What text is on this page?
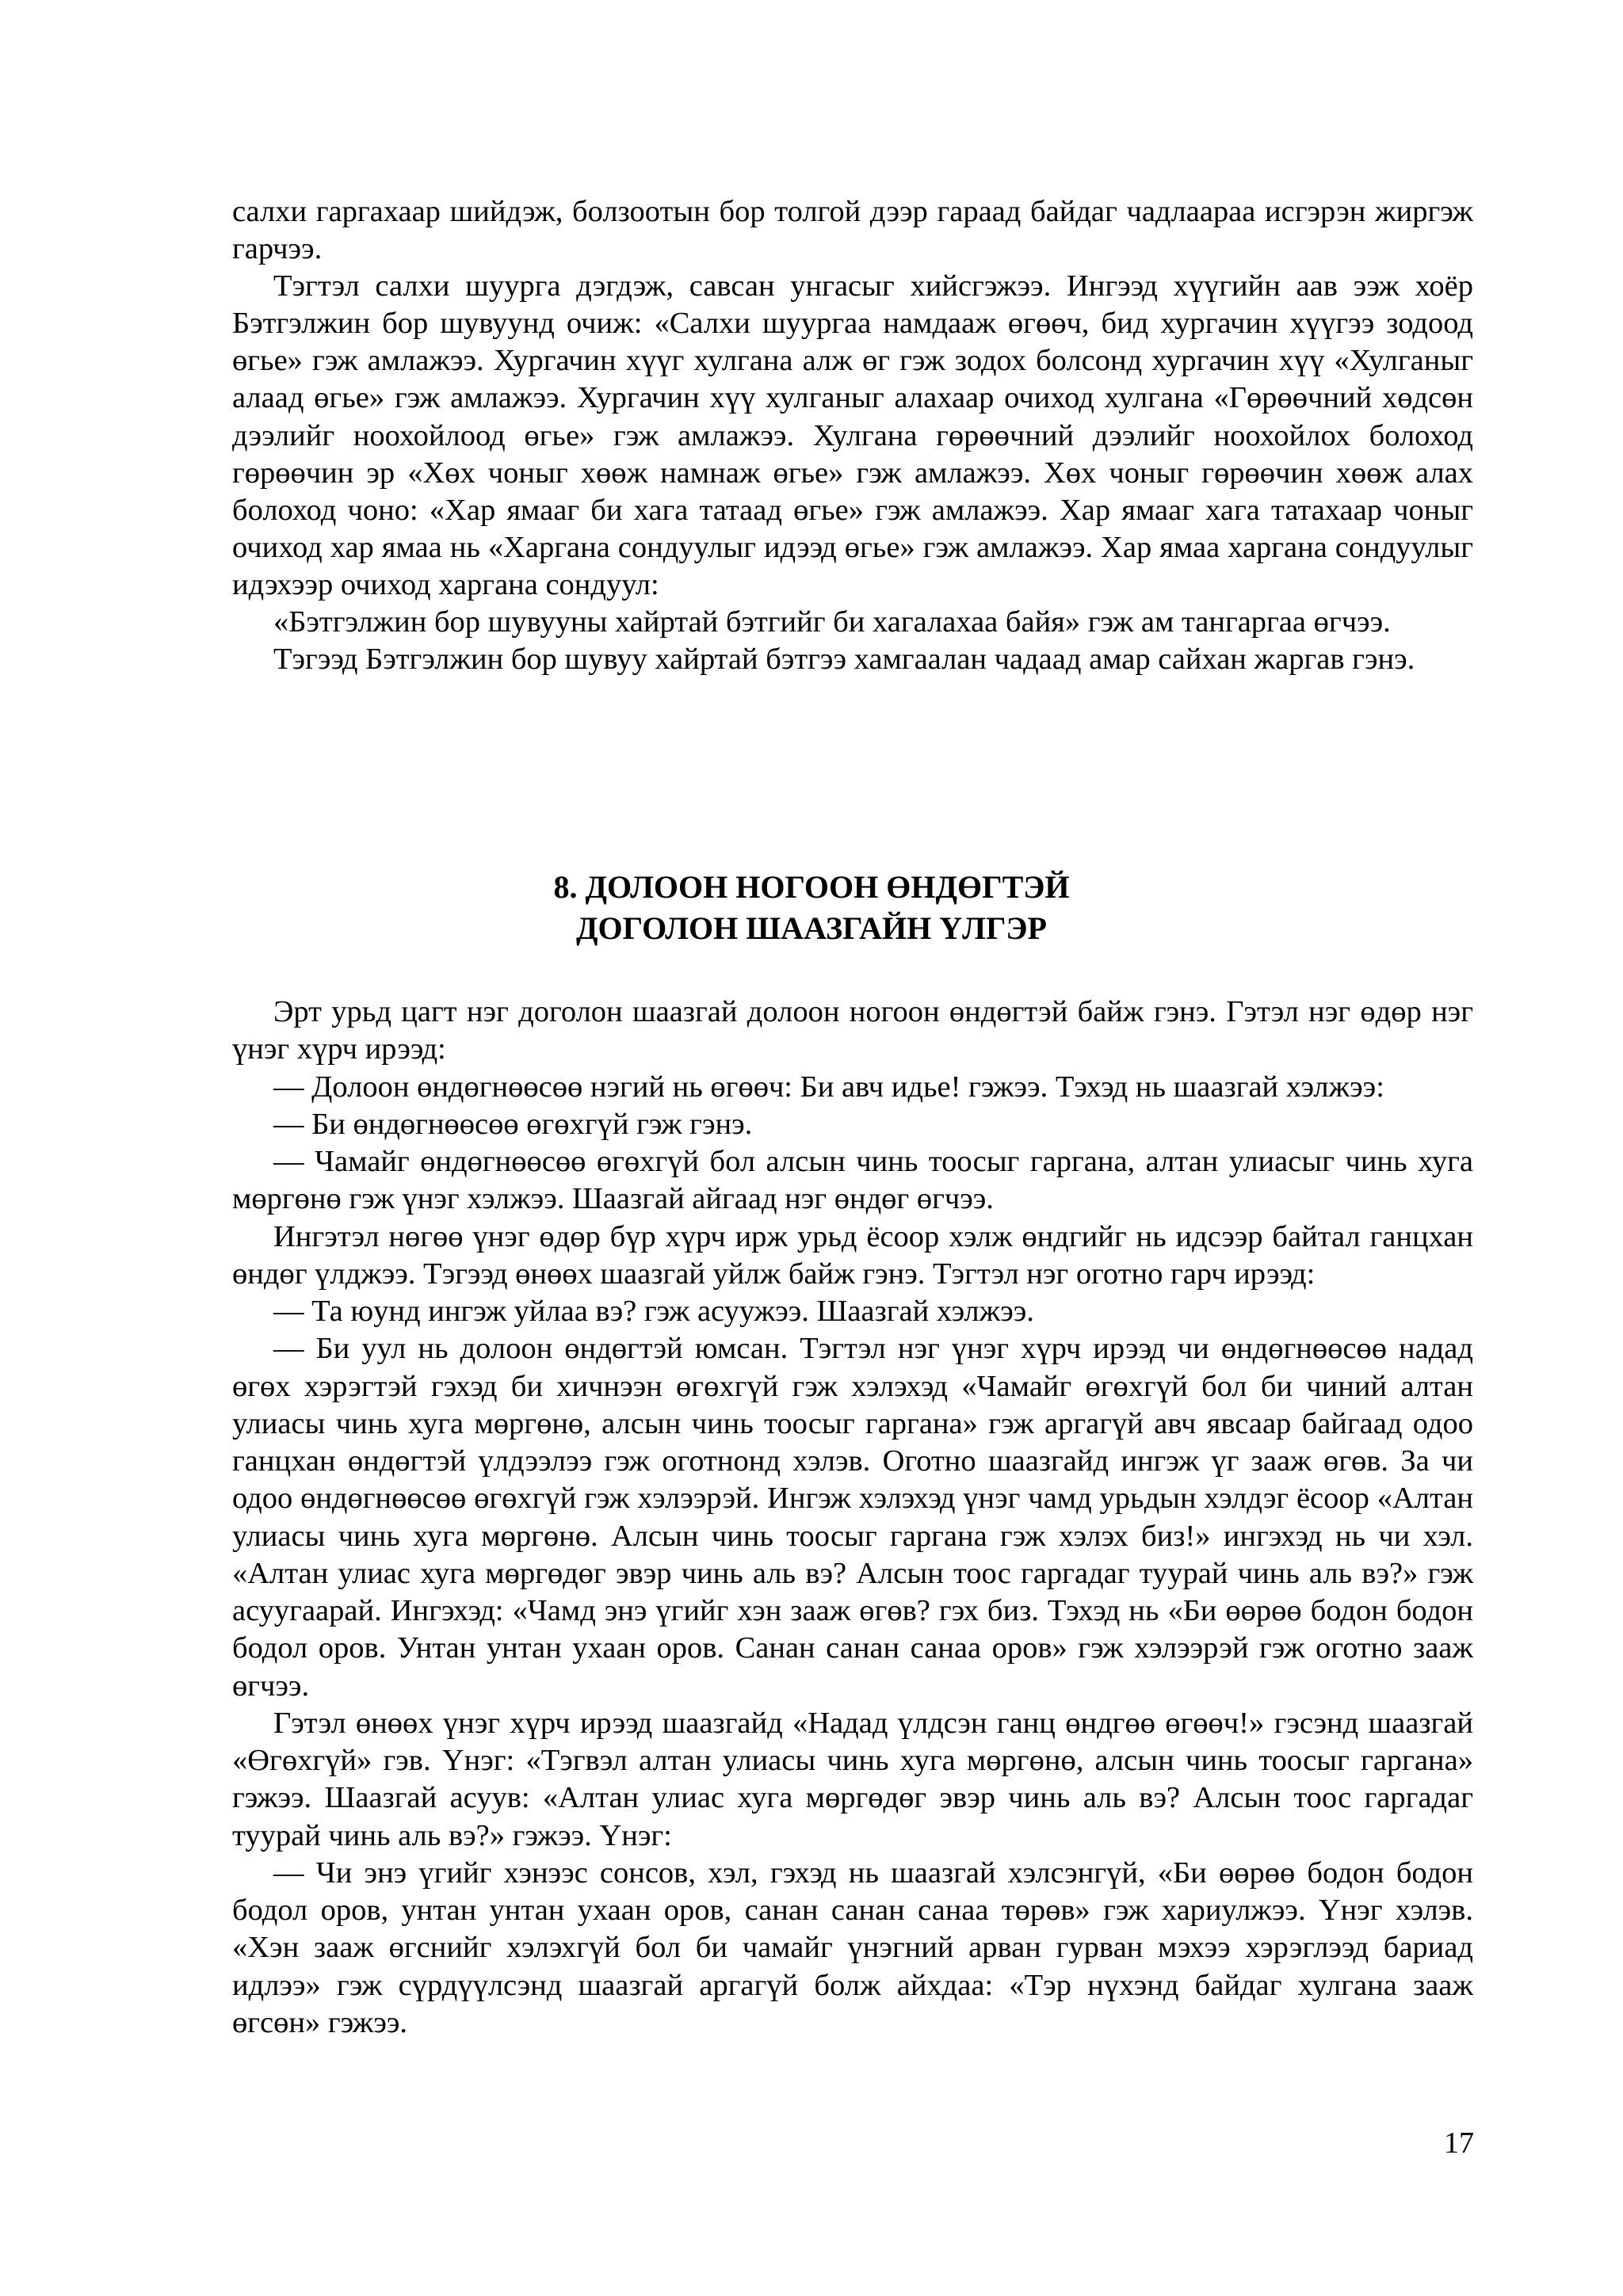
салхи гаргахаар шийдэж, болзоотын бор толгой дээр гараад байдаг чадлаараа исгэрэн жиргэж гарчээ.

Тэгтэл салхи шуурга дэгдэж, савсан унгасыг хийсгэжээ. Ингээд хүүгийн аав ээж хоёр Бэтгэлжин бор шувуунд очиж: «Салхи шуургаа намдааж өгөөч, бид хургачин хүүгээ зодоод өгье» гэж амлажээ. Хургачин хүүг хулгана алж өг гэж зодох болсонд хургачин хүү «Хулганыг алаад өгье» гэж амлажээ. Хургачин хүү хулганыг алахаар очиход хулгана «Гөрөөчний хөдсөн дээлийг ноохойлоод өгье» гэж амлажээ. Хулгана гөрөөчний дээлийг ноохойлох болоход гөрөөчин эр «Хөх чоныг хөөж намнаж өгье» гэж амлажээ. Хөх чоныг гөрөөчин хөөж алах болоход чоно: «Хар ямааг би хага татаад өгье» гэж амлажээ. Хар ямааг хага татахаар чоныг очиход хар ямаа нь «Харгана сондуулыг идээд өгье» гэж амлажээ. Хар ямаа харгана сондуулыг идэхээр очиход харгана сондуул:

«Бэтгэлжин бор шувууны хайртай бэтгийг би хагалахаа байя» гэж ам тангаргаа өгчээ.

Тэгээд Бэтгэлжин бор шувуу хайртай бэтгээ хамгаалан чадаад амар сайхан жаргав гэнэ.

8. ДОЛООН НОГООН ӨНДӨГТЭЙ
ДОГОЛОН ШААЗГАЙН ҮЛГЭР

Эрт урьд цагт нэг доголон шаазгай долоон ногоон өндөгтэй байж гэнэ. Гэтэл нэг өдөр нэг үнэг хүрч ирээд:

— Долоон өндөгнөөсөө нэгий нь өгөөч: Би авч идье! гэжээ. Тэхэд нь шаазгай хэлжээ:

— Би өндөгнөөсөө өгөхгүй гэж гэнэ.

— Чамайг өндөгнөөсөө өгөхгүй бол алсын чинь тоосыг гаргана, алтан улиасыг чинь хуга мөргөнө гэж үнэг хэлжээ. Шаазгай айгаад нэг өндөг өгчээ.

Ингэтэл нөгөө үнэг өдөр бүр хүрч ирж урьд ёсоор хэлж өндгийг нь идсээр байтал ганцхан өндөг үлджээ. Тэгээд өнөөх шаазгай уйлж байж гэнэ. Тэгтэл нэг оготно гарч ирээд:

— Та юунд ингэж уйлаа вэ? гэж асуужээ. Шаазгай хэлжээ.

— Би уул нь долоон өндөгтэй юмсан. Тэгтэл нэг үнэг хүрч ирээд чи өндөгнөөсөө надад өгөх хэрэгтэй гэхэд би хичнээн өгөхгүй гэж хэлэхэд «Чамайг өгөхгүй бол би чиний алтан улиасы чинь хуга мөргөнө, алсын чинь тоосыг гаргана» гэж аргагүй авч явсаар байгаад одоо ганцхан өндөгтэй үлдээлээ гэж оготнонд хэлэв. Оготно шаазгайд ингэж үг зааж өгөв. За чи одоо өндөгнөөсөө өгөхгүй гэж хэлээрэй. Ингэж хэлэхэд үнэг чамд урьдын хэлдэг ёсоор «Алтан улиасы чинь хуга мөргөнө. Алсын чинь тоосыг гаргана гэж хэлэх биз!» ингэхэд нь чи хэл. «Алтан улиас хуга мөргөдөг эвэр чинь аль вэ? Алсын тоос гаргадаг туурай чинь аль вэ?» гэж асуугаарай. Ингэхэд: «Чамд энэ үгийг хэн зааж өгөв? гэх биз. Тэхэд нь «Би өөрөө бодон бодон бодол оров. Унтан унтан ухаан оров. Санан санан санаа оров» гэж хэлээрэй гэж оготно зааж өгчээ.

Гэтэл өнөөх үнэг хүрч ирээд шаазгайд «Надад үлдсэн ганц өндгөө өгөөч!» гэсэнд шаазгай «Өгөхгүй» гэв. Үнэг: «Тэгвэл алтан улиасы чинь хуга мөргөнө, алсын чинь тоосыг гаргана» гэжээ. Шаазгай асуув: «Алтан улиас хуга мөргөдөг эвэр чинь аль вэ? Алсын тоос гаргадаг туурай чинь аль вэ?» гэжээ. Үнэг:

— Чи энэ үгийг хэнээс сонсов, хэл, гэхэд нь шаазгай хэлсэнгүй, «Би өөрөө бодон бодон бодол оров, унтан унтан ухаан оров, санан санан санаа төрөв» гэж хариулжээ. Үнэг хэлэв. «Хэн зааж өгснийг хэлэхгүй бол би чамайг үнэгний арван гурван мэхээ хэрэглээд бариад идлээ» гэж сүрдүүлсэнд шаазгай аргагүй болж айхдаа: «Тэр нүхэнд байдаг хулгана зааж өгсөн» гэжээ.

17
